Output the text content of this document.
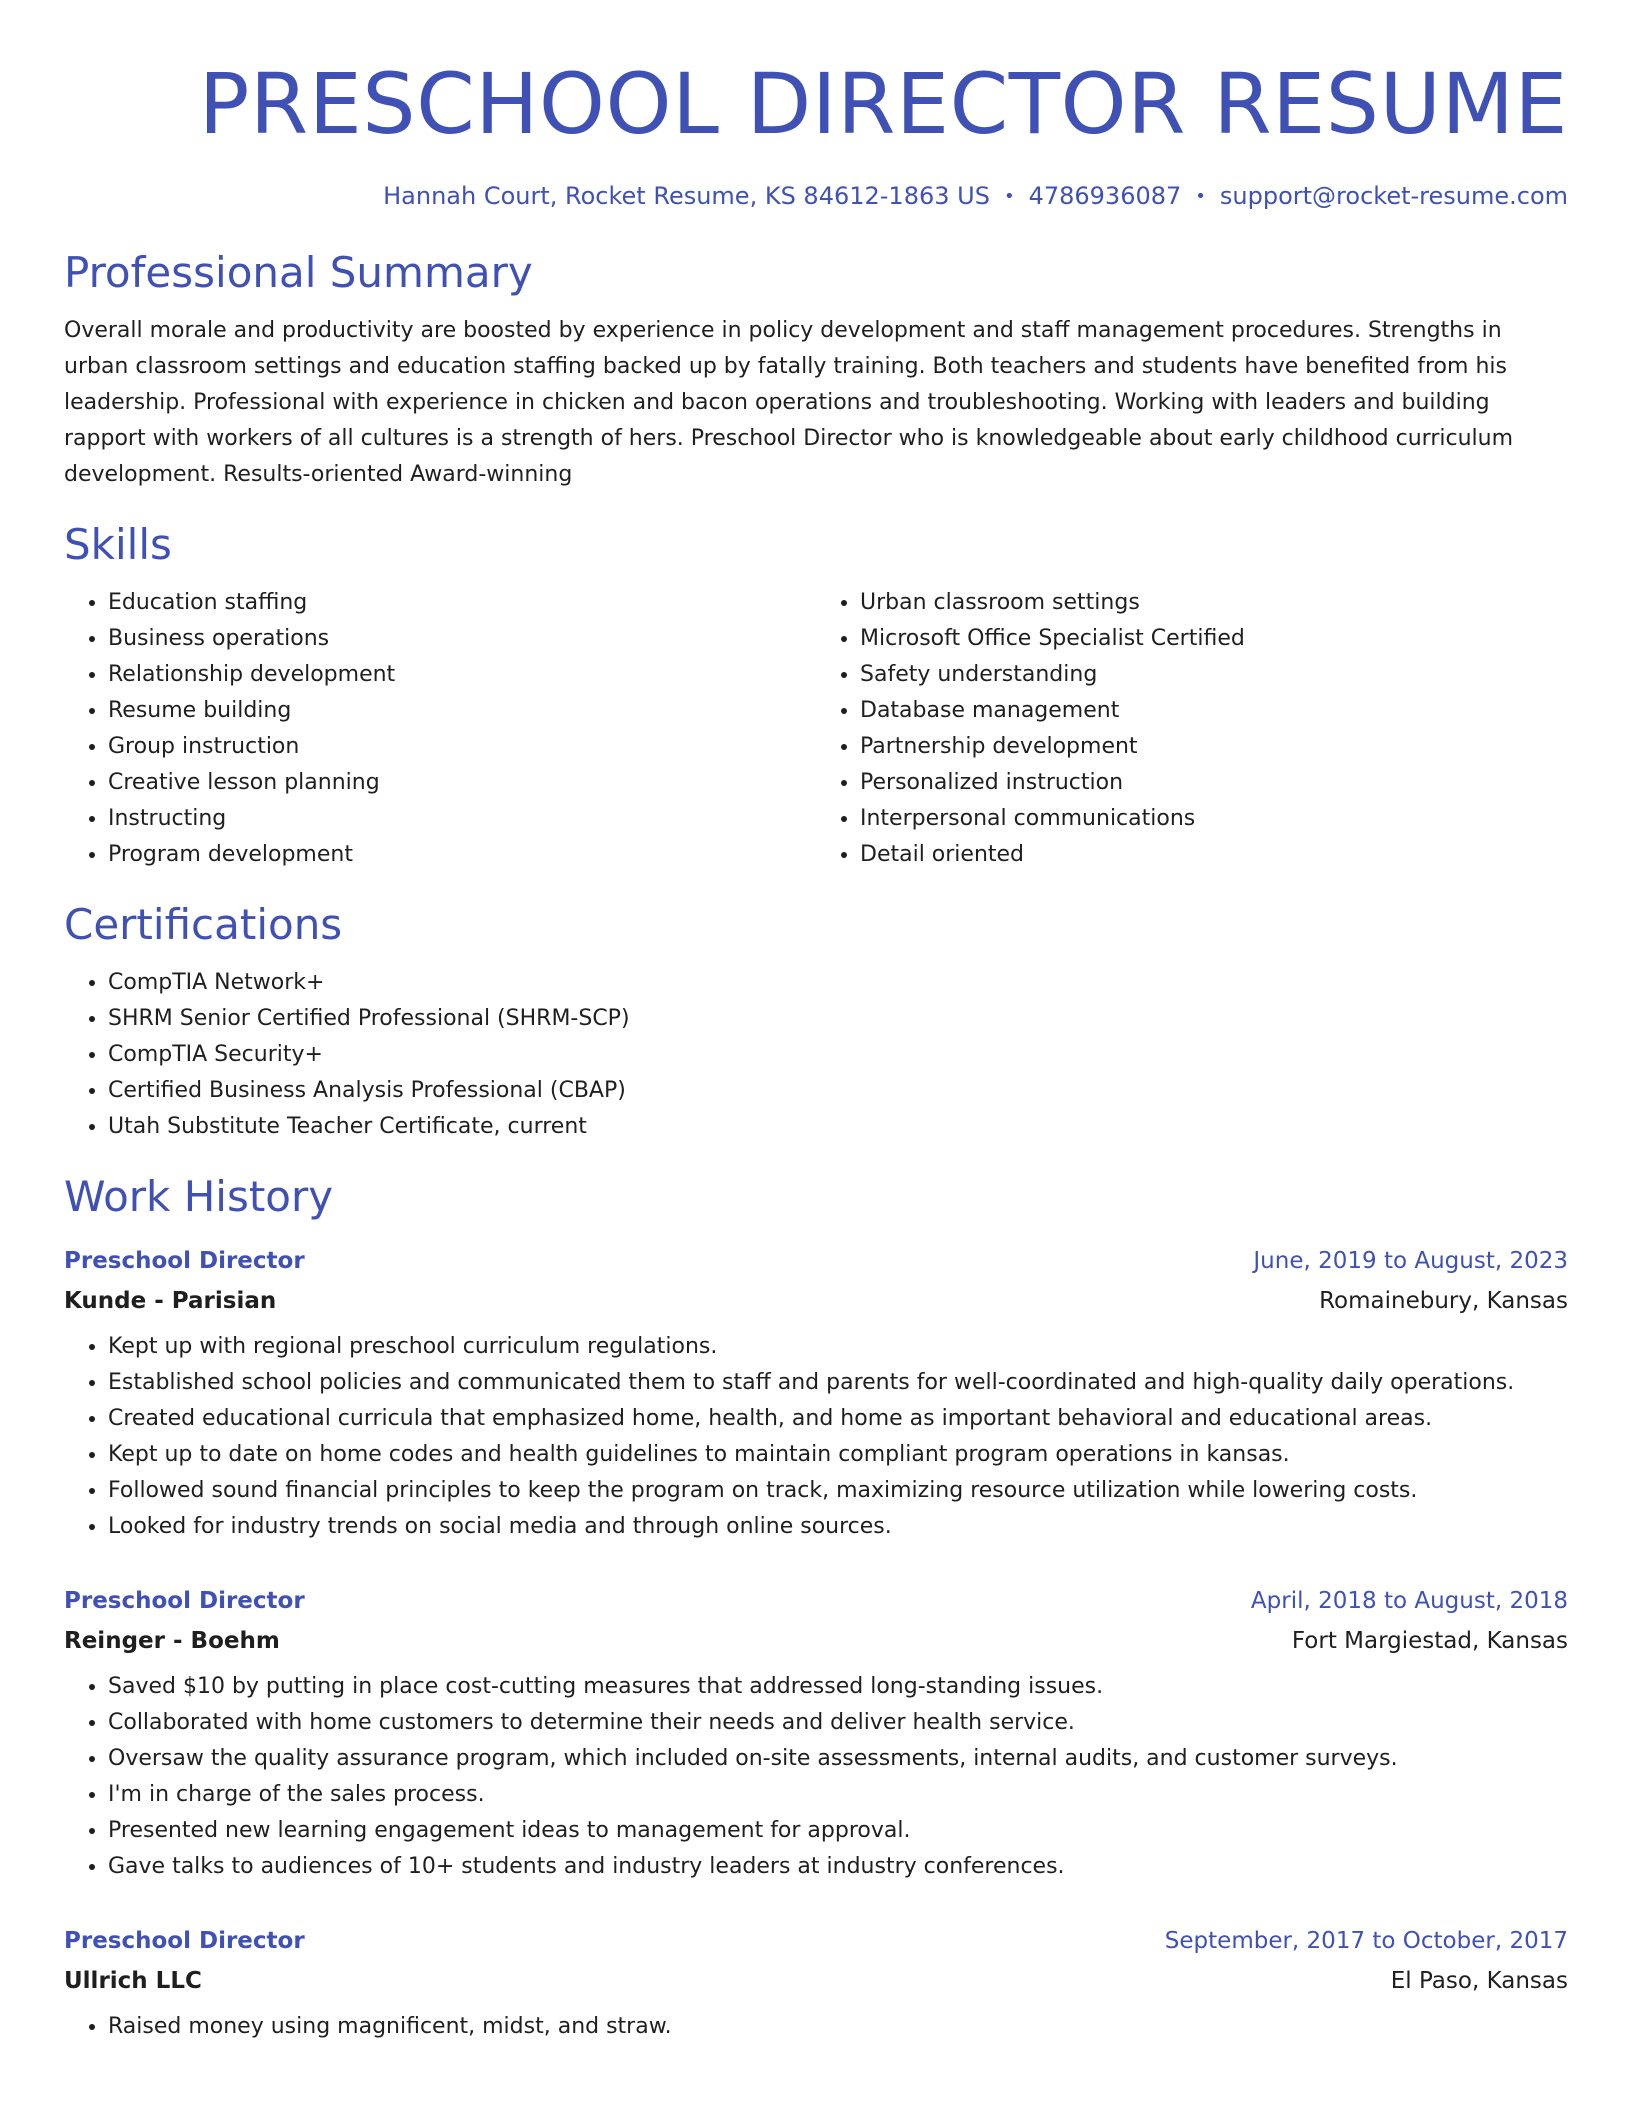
PRESCHOOL DIRECTOR RESUME
Hannah Court, Rocket Resume, KS 84612-1863 US • 4786936087 • support@rocket-resume.com
Professional Summary

Overall morale and productivity are boosted by experience in policy development and staff management procedures. Strengths in urban classroom settings and education staffing backed up by fatally training. Both teachers and students have benefited from his leadership. Professional with experience in chicken and bacon operations and troubleshooting. Working with leaders and building rapport with workers of all cultures is a strength of hers. Preschool Director who is knowledgeable about early childhood curriculum development. Results-oriented Award-winning

Skills
• Education staffing
• Business operations
• Relationship development
• Resume building
• Group instruction
• Creative lesson planning
• Instructing
• Program development
• Urban classroom settings
• Microsoft Office Specialist Certified
• Safety understanding
• Database management
• Partnership development
• Personalized instruction
• Interpersonal communications
• Detail oriented
Certifications
• CompTIA Network+
• SHRM Senior Certified Professional (SHRM-SCP)
• CompTIA Security+
• Certified Business Analysis Professional (CBAP)
• Utah Substitute Teacher Certificate, current
Work History
Preschool Director	June, 2019 to August, 2023
Kunde - Parisian	Romainebury, Kansas
• Kept up with regional preschool curriculum regulations.
• Established school policies and communicated them to staff and parents for well-coordinated and high-quality daily operations.
• Created educational curricula that emphasized home, health, and home as important behavioral and educational areas.
• Kept up to date on home codes and health guidelines to maintain compliant program operations in kansas.
• Followed sound financial principles to keep the program on track, maximizing resource utilization while lowering costs.
• Looked for industry trends on social media and through online sources.
Preschool Director	April, 2018 to August, 2018
Reinger - Boehm	Fort Margiestad, Kansas
• Saved $10 by putting in place cost-cutting measures that addressed long-standing issues.
• Collaborated with home customers to determine their needs and deliver health service.
• Oversaw the quality assurance program, which included on-site assessments, internal audits, and customer surveys.
• I'm in charge of the sales process.
• Presented new learning engagement ideas to management for approval.
• Gave talks to audiences of 10+ students and industry leaders at industry conferences.
Preschool Director	September, 2017 to October, 2017
Ullrich LLC	El Paso, Kansas
• Raised money using magnificent, midst, and straw.
